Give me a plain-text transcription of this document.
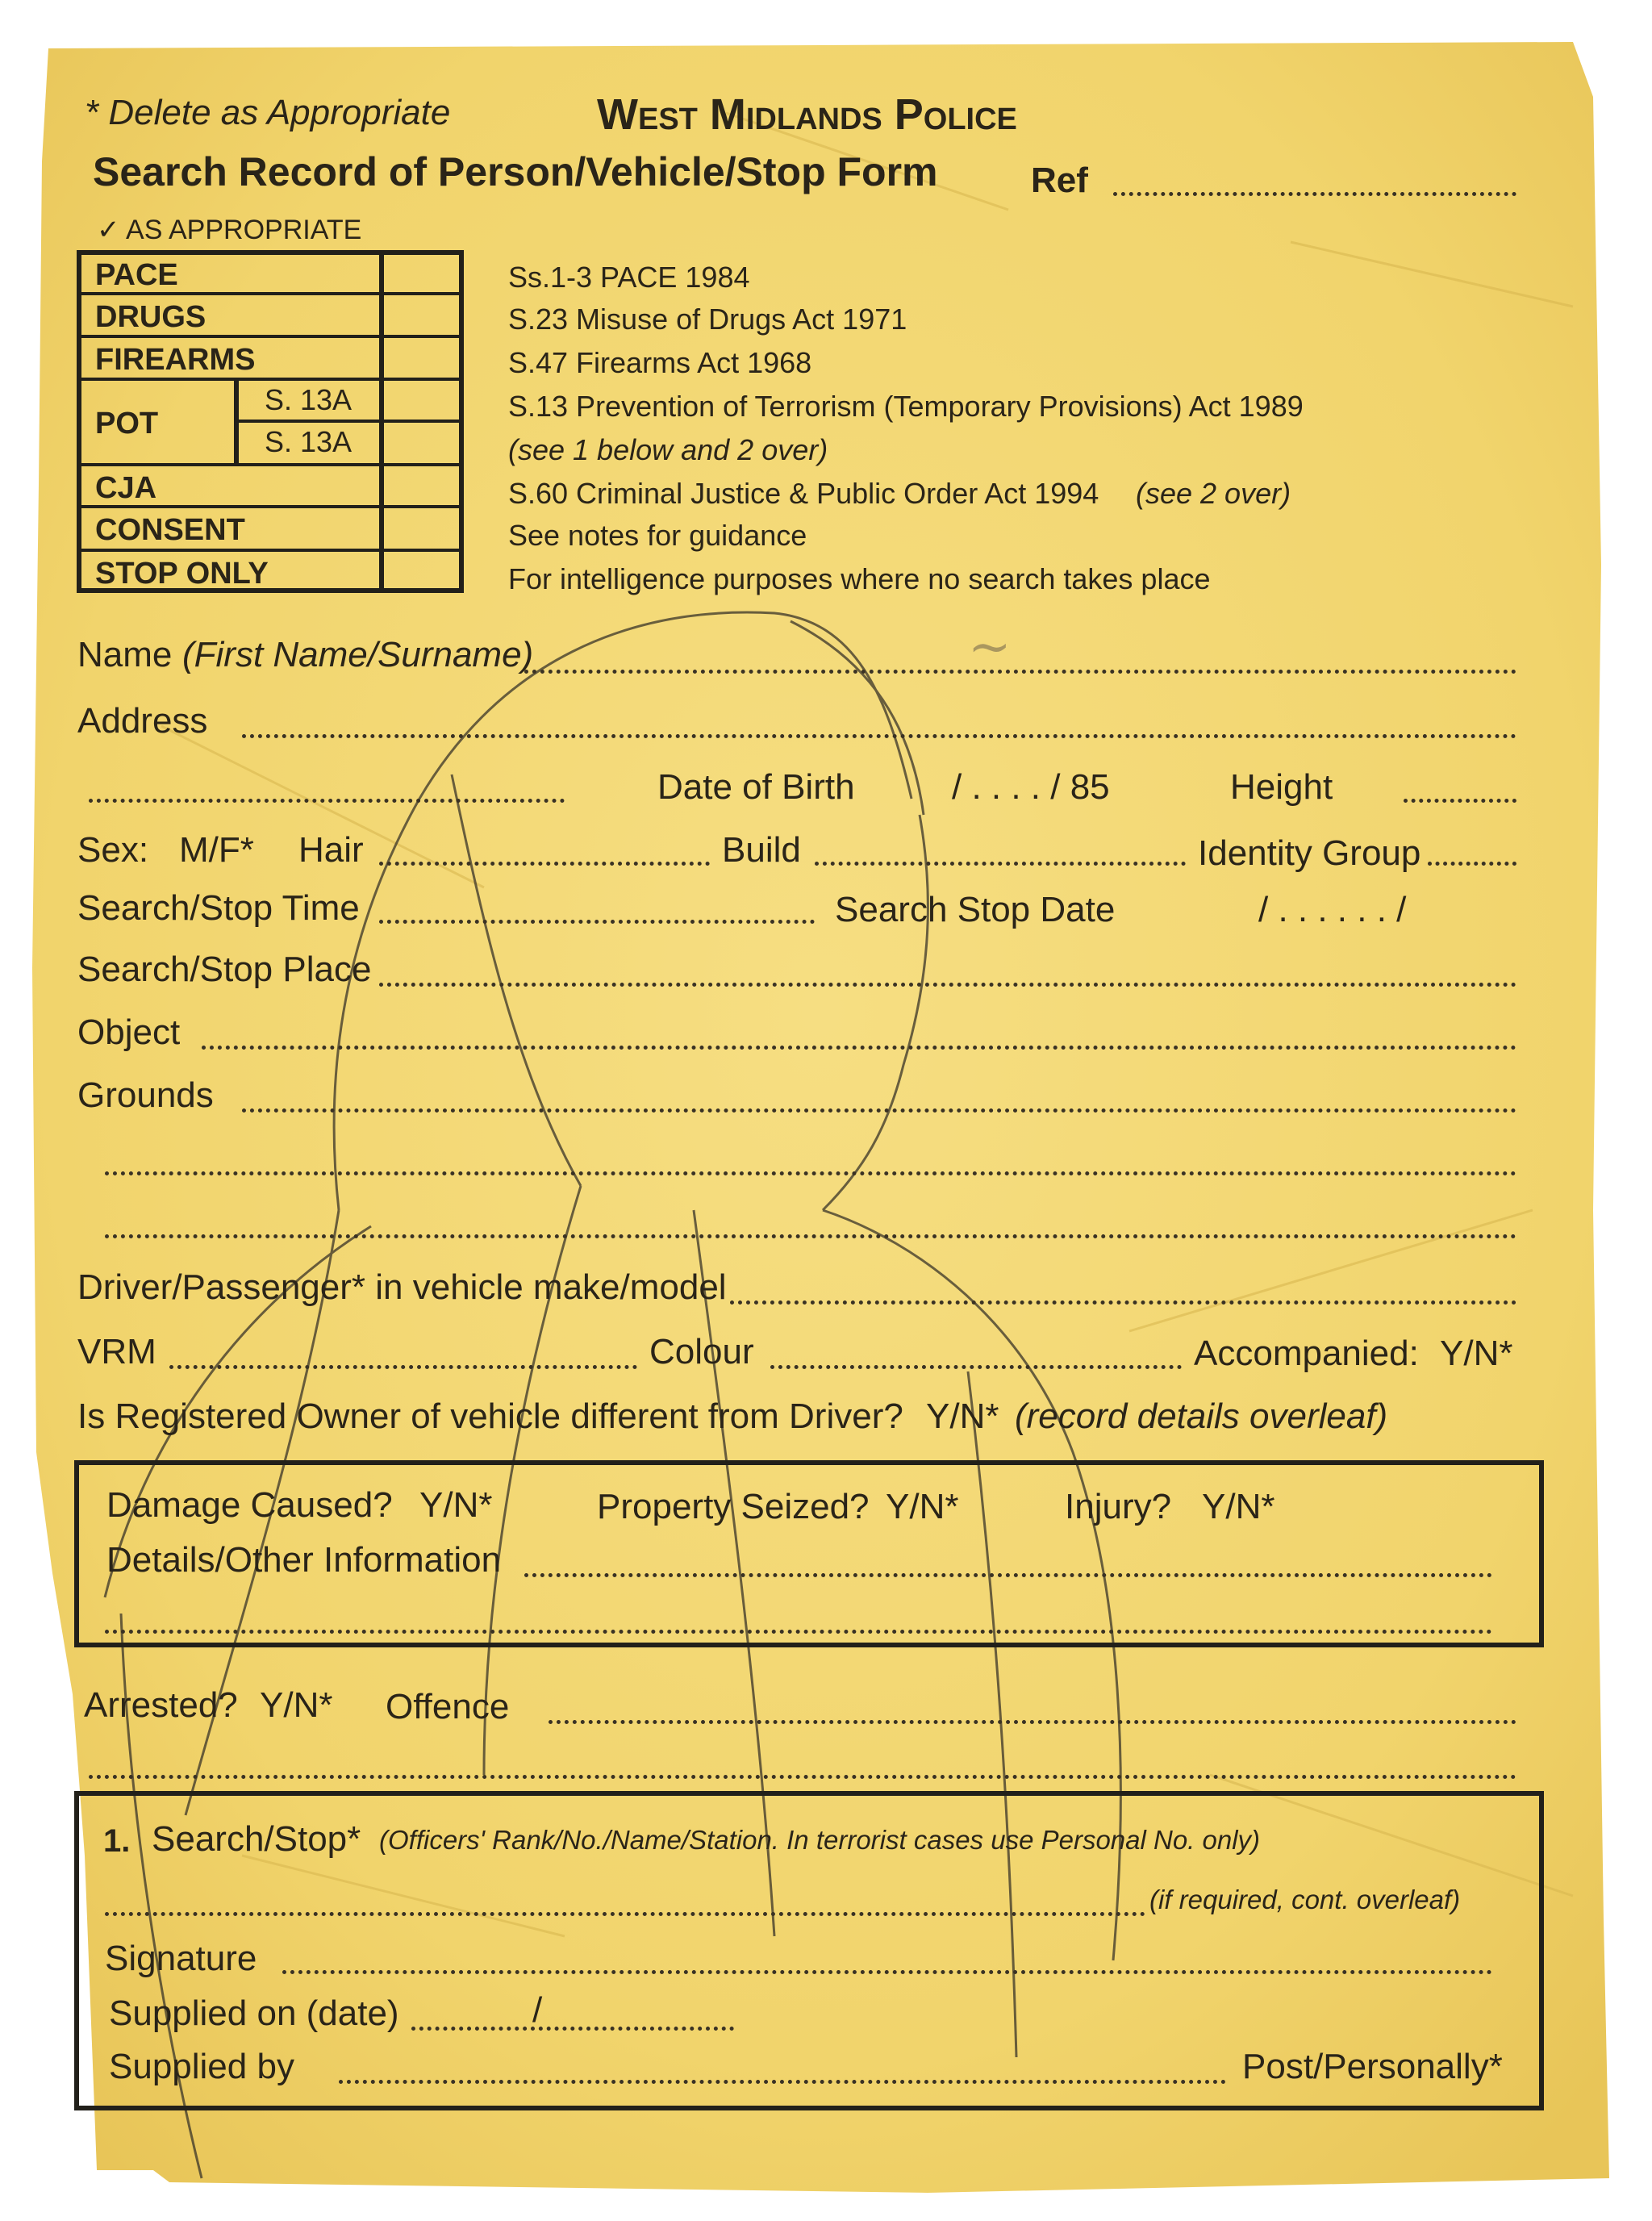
* Delete as Appropriate	West Midlands Police
Search Record of Person/Vehicle/Stop Form	Ref
✓ AS APPROPRIATE
PACE
DRUGS
FIREARMS
POT
S. 13A
S. 13A
CJA
CONSENT
STOP ONLY
Ss.1-3 PACE 1984
S.23 Misuse of Drugs Act 1971
S.47 Firearms Act 1968
S.13 Prevention of Terrorism (Temporary Provisions) Act 1989
(see 1 below and 2 over)
S.60 Criminal Justice & Public Order Act 1994 (see 2 over)
See notes for guidance
For intelligence purposes where no search takes place
Name (First Name/Surname)
Address
Date of Birth	/ . . . . / 85	Height
Sex: M/F* Hair	Build	Identity Group
Search/Stop Time	Search Stop Date	/ . . . . . . /
Search/Stop Place
Object
Grounds
Driver/Passenger* in vehicle make/model
VRM	Colour	Accompanied: Y/N*
Is Registered Owner of vehicle different from Driver? Y/N* (record details overleaf)
Damage Caused? Y/N*	Property Seized? Y/N*	Injury? Y/N*
Details/Other Information
Arrested? Y/N* Offence
1. Search/Stop* (Officers' Rank/No./Name/Station. In terrorist cases use Personal No. only)
(if required, cont. overleaf)
Signature
Supplied on (date)	/
Supplied by	Post/Personally*
~
